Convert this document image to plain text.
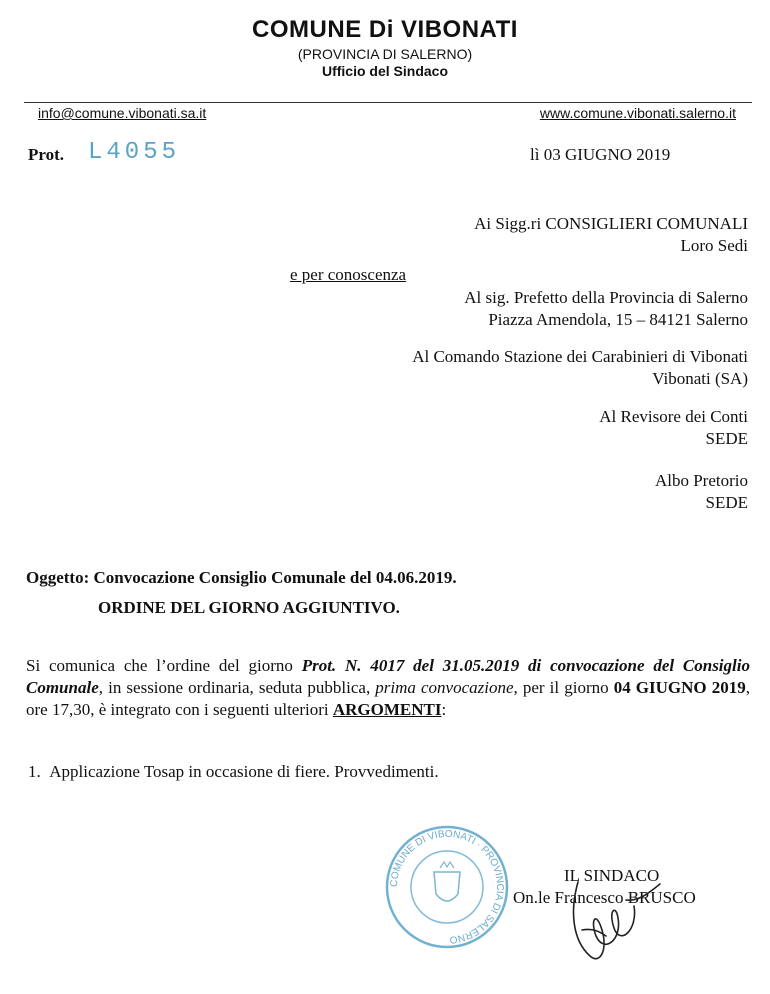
COMUNE Di VIBONATI
(PROVINCIA DI SALERNO)
Ufficio del Sindaco
info@comune.vibonati.sa.it	www.comune.vibonati.salerno.it
Prot. L4055	lì 03 GIUGNO 2019
Ai Sigg.ri CONSIGLIERI COMUNALI
Loro Sedi
e per conoscenza
Al sig. Prefetto della Provincia di Salerno
Piazza Amendola, 15 – 84121 Salerno
Al Comando Stazione dei Carabinieri di Vibonati
Vibonati (SA)
Al Revisore dei Conti
SEDE
Albo Pretorio
SEDE
Oggetto: Convocazione Consiglio Comunale del 04.06.2019.
ORDINE DEL GIORNO AGGIUNTIVO.
Si comunica che l’ordine del giorno Prot. N. 4017 del 31.05.2019 di convocazione del Consiglio Comunale, in sessione ordinaria, seduta pubblica, prima convocazione, per il giorno 04 GIUGNO 2019, ore 17,30, è integrato con i seguenti ulteriori ARGOMENTI:
1. Applicazione Tosap in occasione di fiere. Provvedimenti.
COMUNE DI VIBONATI · PROVINCIA DI SALERNO
IL SINDACO
On.le Francesco BRUSCO
